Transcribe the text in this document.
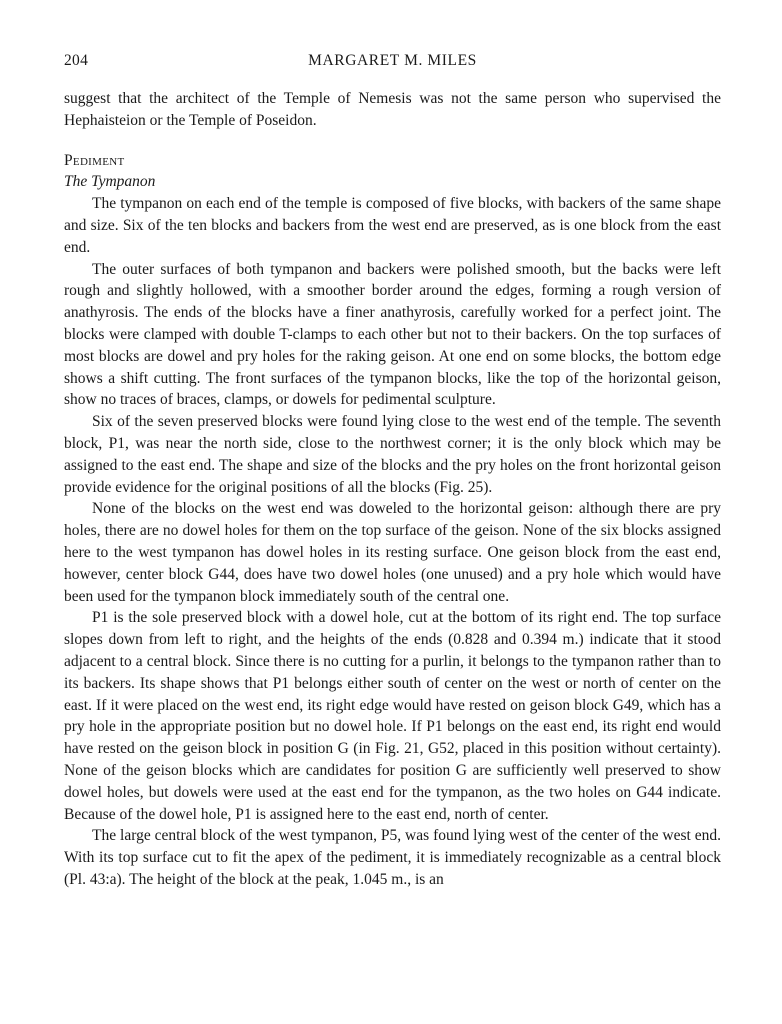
204	MARGARET M. MILES

suggest that the architect of the Temple of Nemesis was not the same person who supervised the Hephaisteion or the Temple of Poseidon.

Pediment
The Tympanon

The tympanon on each end of the temple is composed of five blocks, with backers of the same shape and size. Six of the ten blocks and backers from the west end are preserved, as is one block from the east end.

The outer surfaces of both tympanon and backers were polished smooth, but the backs were left rough and slightly hollowed, with a smoother border around the edges, forming a rough version of anathyrosis. The ends of the blocks have a finer anathyrosis, carefully worked for a perfect joint. The blocks were clamped with double T-clamps to each other but not to their backers. On the top surfaces of most blocks are dowel and pry holes for the raking geison. At one end on some blocks, the bottom edge shows a shift cutting. The front surfaces of the tympanon blocks, like the top of the horizontal geison, show no traces of braces, clamps, or dowels for pedimental sculpture.

Six of the seven preserved blocks were found lying close to the west end of the temple. The seventh block, P1, was near the north side, close to the northwest corner; it is the only block which may be assigned to the east end. The shape and size of the blocks and the pry holes on the front horizontal geison provide evidence for the original positions of all the blocks (Fig. 25).

None of the blocks on the west end was doweled to the horizontal geison: although there are pry holes, there are no dowel holes for them on the top surface of the geison. None of the six blocks assigned here to the west tympanon has dowel holes in its resting surface. One geison block from the east end, however, center block G44, does have two dowel holes (one unused) and a pry hole which would have been used for the tympanon block immediately south of the central one.

P1 is the sole preserved block with a dowel hole, cut at the bottom of its right end. The top surface slopes down from left to right, and the heights of the ends (0.828 and 0.394 m.) indicate that it stood adjacent to a central block. Since there is no cutting for a purlin, it belongs to the tympanon rather than to its backers. Its shape shows that P1 belongs either south of center on the west or north of center on the east. If it were placed on the west end, its right edge would have rested on geison block G49, which has a pry hole in the appropriate position but no dowel hole. If P1 belongs on the east end, its right end would have rested on the geison block in position G (in Fig. 21, G52, placed in this position without certainty). None of the geison blocks which are candidates for position G are sufficiently well preserved to show dowel holes, but dowels were used at the east end for the tympanon, as the two holes on G44 indicate. Because of the dowel hole, P1 is assigned here to the east end, north of center.

The large central block of the west tympanon, P5, was found lying west of the center of the west end. With its top surface cut to fit the apex of the pediment, it is immediately recognizable as a central block (Pl. 43:a). The height of the block at the peak, 1.045 m., is an
